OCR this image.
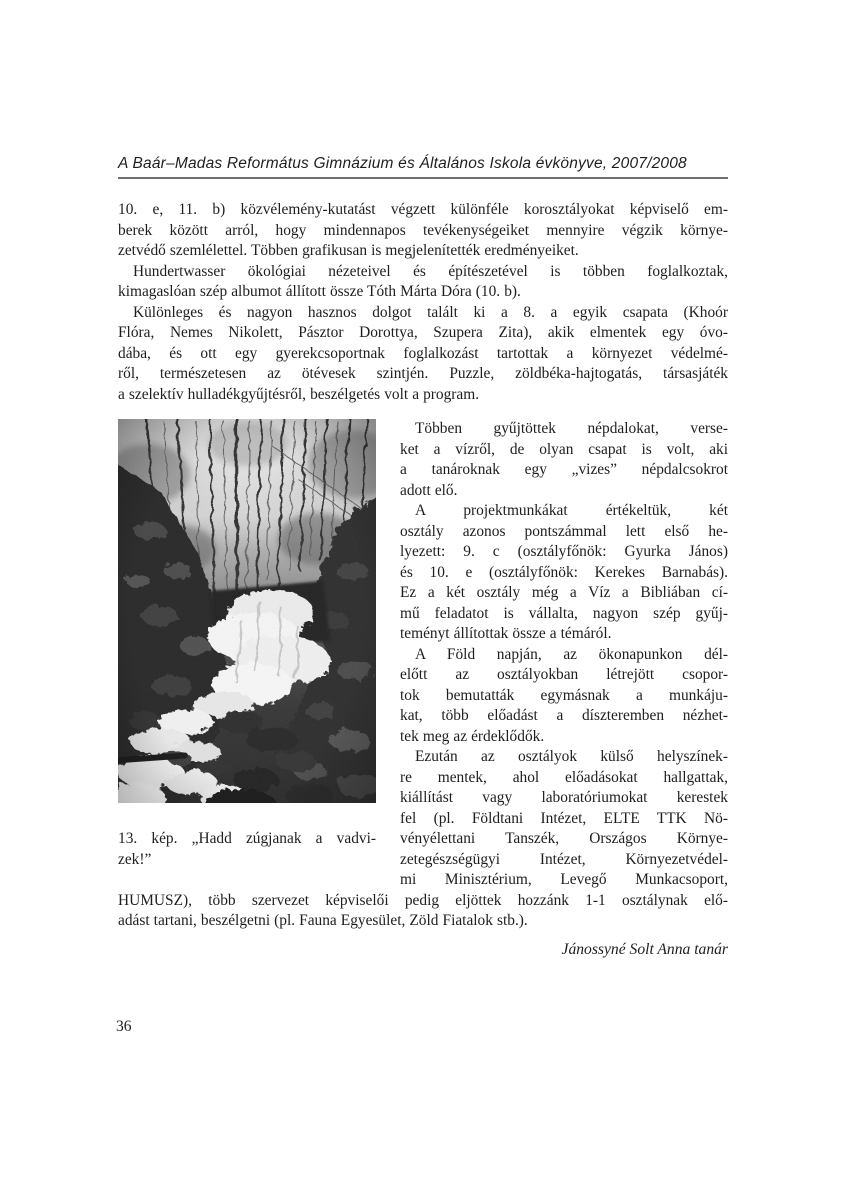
A Baár–Madas Református Gimnázium és Általános Iskola évkönyve, 2007/2008
10. e, 11. b) közvélemény-kutatást végzett különféle korosztályokat képviselő em-
berek között arról, hogy mindennapos tevékenységeiket mennyire végzik környe-
zetvédő szemlélettel. Többen grafikusan is megjelenítették eredményeiket.
Hundertwasser ökológiai nézeteivel és építészetével is többen foglalkoztak,
kimagaslóan szép albumot állított össze Tóth Márta Dóra (10. b).
Különleges és nagyon hasznos dolgot talált ki a 8. a egyik csapata (Khoór
Flóra, Nemes Nikolett, Pásztor Dorottya, Szupera Zita), akik elmentek egy óvo-
dába, és ott egy gyerekcsoportnak foglalkozást tartottak a környezet védelmé-
ről, természetesen az ötévesek szintjén. Puzzle, zöldbéka-hajtogatás, társasjáték
a szelektív hulladékgyűjtésről, beszélgetés volt a program.
13. kép. „Hadd zúgjanak a vadvi-
zek!”
Többen gyűjtöttek népdalokat, verse-
ket a vízről, de olyan csapat is volt, aki
a tanároknak egy „vizes” népdalcsokrot
adott elő.
A projektmunkákat értékeltük, két
osztály azonos pontszámmal lett első he-
lyezett: 9. c (osztályfőnök: Gyurka János)
és 10. e (osztályfőnök: Kerekes Barnabás).
Ez a két osztály még a Víz a Bibliában cí-
mű feladatot is vállalta, nagyon szép gyűj-
teményt állítottak össze a témáról.
A Föld napján, az ökonapunkon dél-
előtt az osztályokban létrejött csopor-
tok bemutatták egymásnak a munkáju-
kat, több előadást a díszteremben nézhet-
tek meg az érdeklődők.
Ezután az osztályok külső helyszínek-
re mentek, ahol előadásokat hallgattak,
kiállítást vagy laboratóriumokat kerestek
fel (pl. Földtani Intézet, ELTE TTK Nö-
vényélettani Tanszék, Országos Környe-
zetegészségügyi Intézet, Környezetvédel-
mi Minisztérium, Levegő Munkacsoport,
HUMUSZ), több szervezet képviselői pedig eljöttek hozzánk 1-1 osztálynak elő-
adást tartani, beszélgetni (pl. Fauna Egyesület, Zöld Fiatalok stb.).
Jánossyné Solt Anna tanár
36
